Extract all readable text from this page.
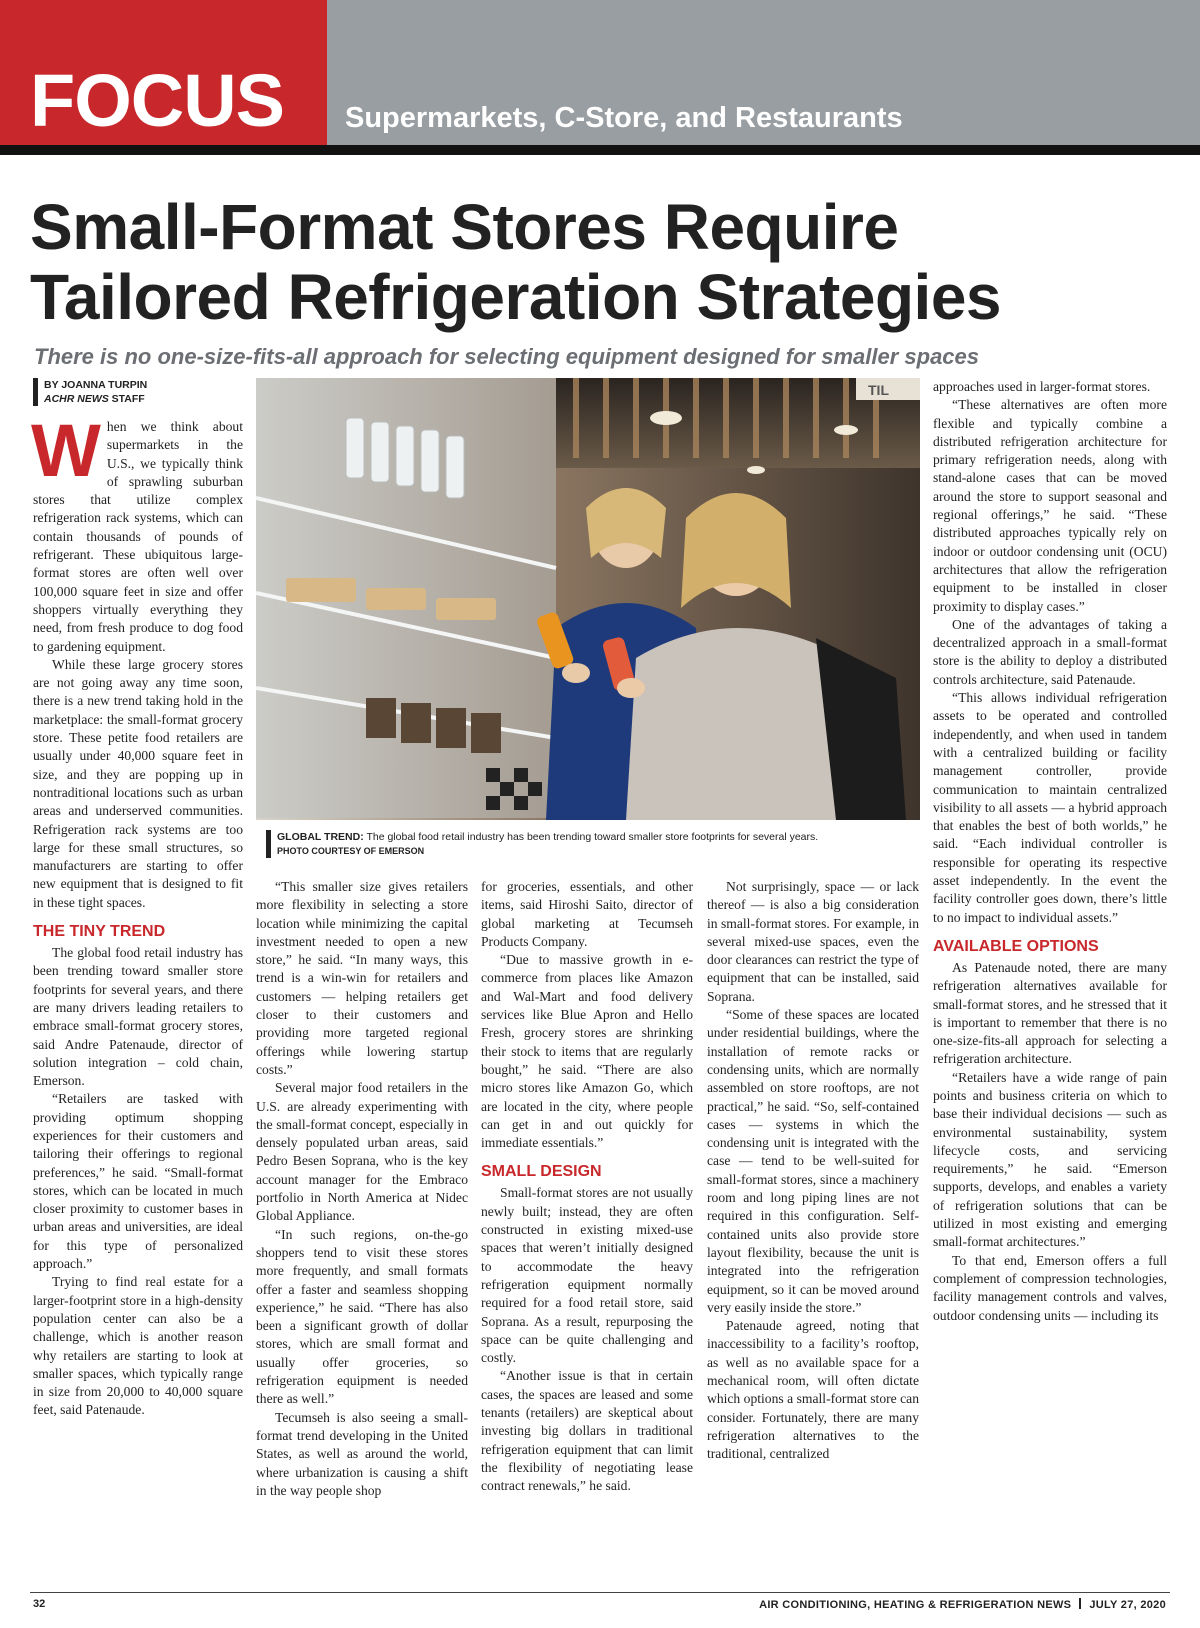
FOCUS Supermarkets, C-Store, and Restaurants
Small-Format Stores Require
Tailored Refrigeration Strategies
There is no one-size-fits-all approach for selecting equipment designed for smaller spaces
BY JOANNA TURPIN
ACHR NEWS STAFF

When we think about supermarkets in the U.S., we typically think of sprawling suburban stores that utilize complex refrigeration rack systems, which can contain thousands of pounds of refrigerant. These ubiquitous large-format stores are often well over 100,000 square feet in size and offer shoppers virtually everything they need, from fresh produce to dog food to gardening equipment.

While these large grocery stores are not going away any time soon, there is a new trend taking hold in the marketplace: the small-format grocery store. These petite food retailers are usually under 40,000 square feet in size, and they are popping up in nontraditional locations such as urban areas and underserved communities. Refrigeration rack systems are too large for these small structures, so manufacturers are starting to offer new equipment that is designed to fit in these tight spaces.

THE TINY TREND

The global food retail industry has been trending toward smaller store footprints for several years, and there are many drivers leading retailers to embrace small-format grocery stores, said Andre Patenaude, director of solution integration – cold chain, Emerson.

“Retailers are tasked with providing optimum shopping experiences for their customers and tailoring their offerings to regional preferences,” he said. “Small-format stores, which can be located in much closer proximity to customer bases in urban areas and universities, are ideal for this type of personalized approach.”

Trying to find real estate for a larger-footprint store in a high-density population center can also be a challenge, which is another reason why retailers are starting to look at smaller spaces, which typically range in size from 20,000 to 40,000 square feet, said Patenaude.

TIL
GLOBAL TREND: The global food retail industry has been trending toward smaller store footprints for several years.
PHOTO COURTESY OF EMERSON

“This smaller size gives retailers more flexibility in selecting a store location while minimizing the capital investment needed to open a new store,” he said. “In many ways, this trend is a win-win for retailers and customers — helping retailers get closer to their customers and providing more targeted regional offerings while lowering startup costs.”

Several major food retailers in the U.S. are already experimenting with the small-format concept, especially in densely populated urban areas, said Pedro Besen Soprana, who is the key account manager for the Embraco portfolio in North America at Nidec Global Appliance.

“In such regions, on-the-go shoppers tend to visit these stores more frequently, and small formats offer a faster and seamless shopping experience,” he said. “There has also been a significant growth of dollar stores, which are small format and usually offer groceries, so refrigeration equipment is needed there as well.”

Tecumseh is also seeing a small-format trend developing in the United States, as well as around the world, where urbanization is causing a shift in the way people shop

for groceries, essentials, and other items, said Hiroshi Saito, director of global marketing at Tecumseh Products Company.

“Due to massive growth in e-commerce from places like Amazon and Wal-Mart and food delivery services like Blue Apron and Hello Fresh, grocery stores are shrinking their stock to items that are regularly bought,” he said. “There are also micro stores like Amazon Go, which are located in the city, where people can get in and out quickly for immediate essentials.”

SMALL DESIGN

Small-format stores are not usually newly built; instead, they are often constructed in existing mixed-use spaces that weren’t initially designed to accommodate the heavy refrigeration equipment normally required for a food retail store, said Soprana. As a result, repurposing the space can be quite challenging and costly.

“Another issue is that in certain cases, the spaces are leased and some tenants (retailers) are skeptical about investing big dollars in traditional refrigeration equipment that can limit the flexibility of negotiating lease contract renewals,” he said.

Not surprisingly, space — or lack thereof — is also a big consideration in small-format stores. For example, in several mixed-use spaces, even the door clearances can restrict the type of equipment that can be installed, said Soprana.

“Some of these spaces are located under residential buildings, where the installation of remote racks or condensing units, which are normally assembled on store rooftops, are not practical,” he said. “So, self-contained cases — systems in which the condensing unit is integrated with the case — tend to be well-suited for small-format stores, since a machinery room and long piping lines are not required in this configuration. Self-contained units also provide store layout flexibility, because the unit is integrated into the refrigeration equipment, so it can be moved around very easily inside the store.”

Patenaude agreed, noting that inaccessibility to a facility’s rooftop, as well as no available space for a mechanical room, will often dictate which options a small-format store can consider. Fortunately, there are many refrigeration alternatives to the traditional, centralized

approaches used in larger-format stores.

“These alternatives are often more flexible and typically combine a distributed refrigeration architecture for primary refrigeration needs, along with stand-alone cases that can be moved around the store to support seasonal and regional offerings,” he said. “These distributed approaches typically rely on indoor or outdoor condensing unit (OCU) architectures that allow the refrigeration equipment to be installed in closer proximity to display cases.”

One of the advantages of taking a decentralized approach in a small-format store is the ability to deploy a distributed controls architecture, said Patenaude.

“This allows individual refrigeration assets to be operated and controlled independently, and when used in tandem with a centralized building or facility management controller, provide communication to maintain centralized visibility to all assets — a hybrid approach that enables the best of both worlds,” he said. “Each individual controller is responsible for operating its respective asset independently. In the event the facility controller goes down, there’s little to no impact to individual assets.”

AVAILABLE OPTIONS

As Patenaude noted, there are many refrigeration alternatives available for small-format stores, and he stressed that it is important to remember that there is no one-size-fits-all approach for selecting a refrigeration architecture.

“Retailers have a wide range of pain points and business criteria on which to base their individual decisions — such as environmental sustainability, system lifecycle costs, and servicing requirements,” he said. “Emerson supports, develops, and enables a variety of refrigeration solutions that can be utilized in most existing and emerging small-format architectures.”

To that end, Emerson offers a full complement of compression technologies, facility management controls and valves, outdoor condensing units — including its

32	AIR CONDITIONING, HEATING & REFRIGERATION NEWS JULY 27, 2020
